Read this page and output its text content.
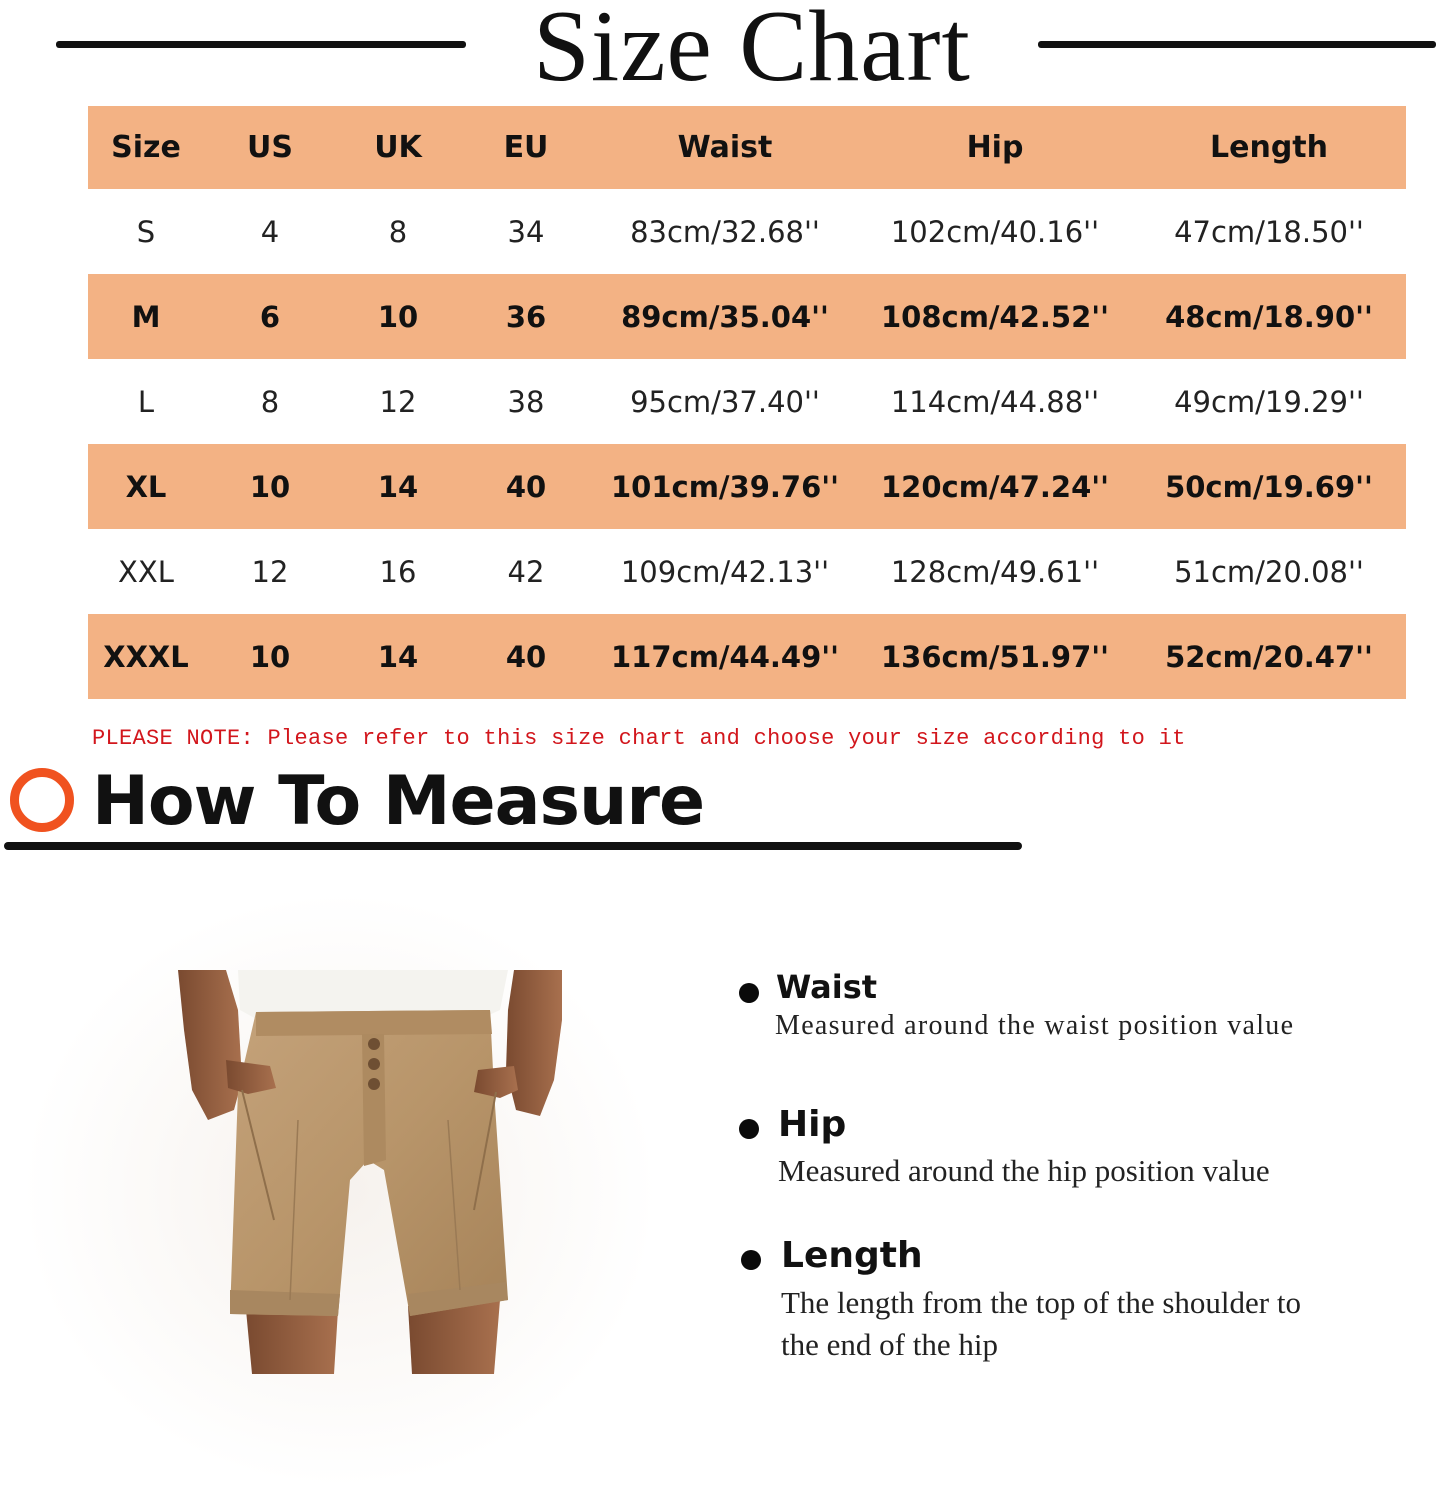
Size Chart
Size	US	UK	EU	Waist	Hip	Length
S	4	8	34	83cm/32.68''	102cm/40.16''	47cm/18.50''
M	6	10	36	89cm/35.04''	108cm/42.52''	48cm/18.90''
L	8	12	38	95cm/37.40''	114cm/44.88''	49cm/19.29''
XL	10	14	40	101cm/39.76''	120cm/47.24''	50cm/19.69''
XXL	12	16	42	109cm/42.13''	128cm/49.61''	51cm/20.08''
XXXL	10	14	40	117cm/44.49''	136cm/51.97''	52cm/20.47''
PLEASE NOTE: Please refer to this size chart and choose your size according to it
How To Measure
Waist
Measured around the waist position value
Hip
Measured around the hip position value
Length
The length from the top of the shoulder to
the end of the hip
